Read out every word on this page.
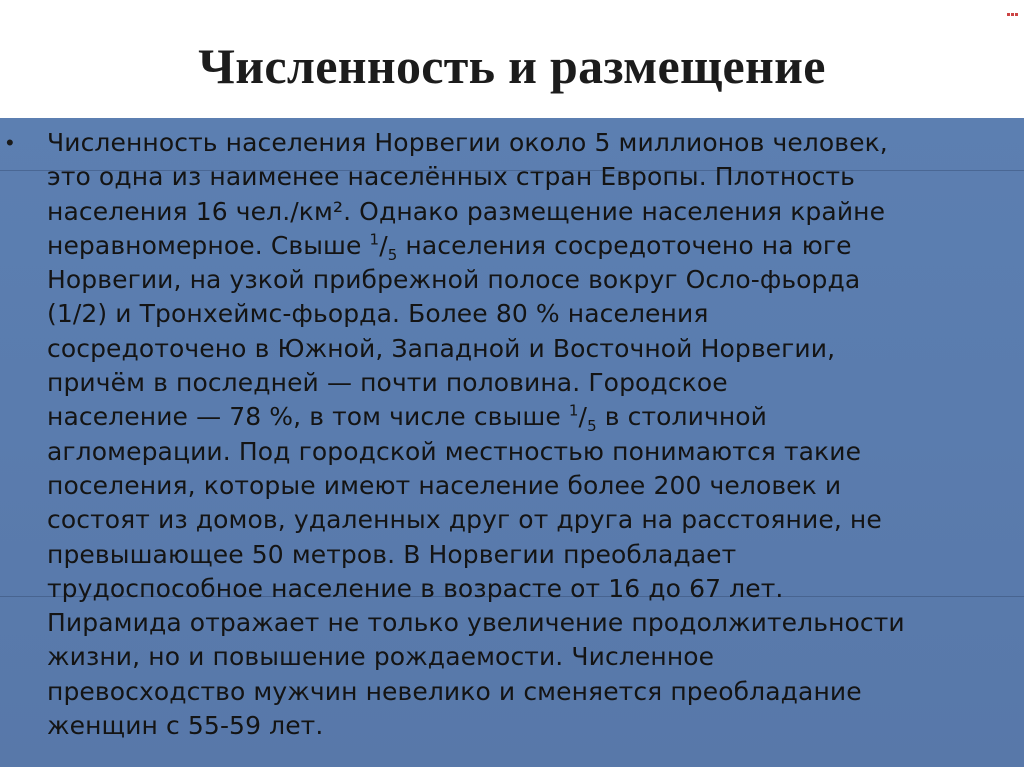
Численность и размещение
• Численность населения Норвегии около 5 миллионов человек,
это одна из наименее населённых стран Европы. Плотность
населения 16 чел./км². Однако размещение населения крайне
неравномерное. Свыше $^1/_5$ населения сосредоточено на юге
Норвегии, на узкой прибрежной полосе вокруг Осло-фьорда
(1/2) и Тронхеймс-фьорда. Более 80 % населения
сосредоточено в Южной, Западной и Восточной Норвегии,
причём в последней — почти половина. Городское
население — 78 %, в том числе свыше $^1/_5$ в столичной
агломерации. Под городской местностью понимаются такие
поселения, которые имеют население более 200 человек и
состоят из домов, удаленных друг от друга на расстояние, не
превышающее 50 метров. В Норвегии преобладает
трудоспособное население в возрасте от 16 до 67 лет.
Пирамида отражает не только увеличение продолжительности
жизни, но и повышение рождаемости. Численное
превосходство мужчин невелико и сменяется преобладание
женщин с 55-59 лет.
